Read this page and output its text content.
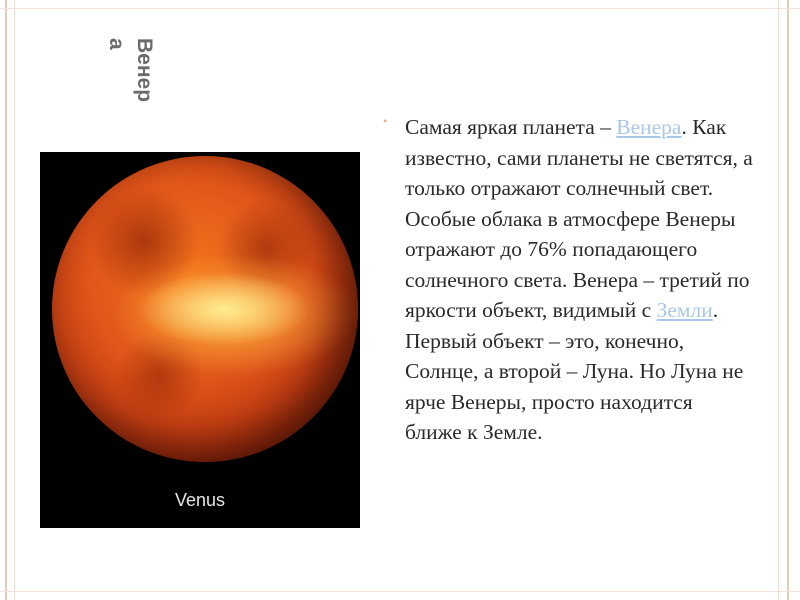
Венера
Venus
• Самая яркая планета – Венера. Как известно, сами планеты не светятся, а только отражают солнечный свет. Особые облака в атмосфере Венеры отражают до 76% попадающего солнечного света. Венера – третий по яркости объект, видимый с Земли. Первый объект – это, конечно, Солнце, а второй – Луна. Но Луна не ярче Венеры, просто находится ближе к Земле.
